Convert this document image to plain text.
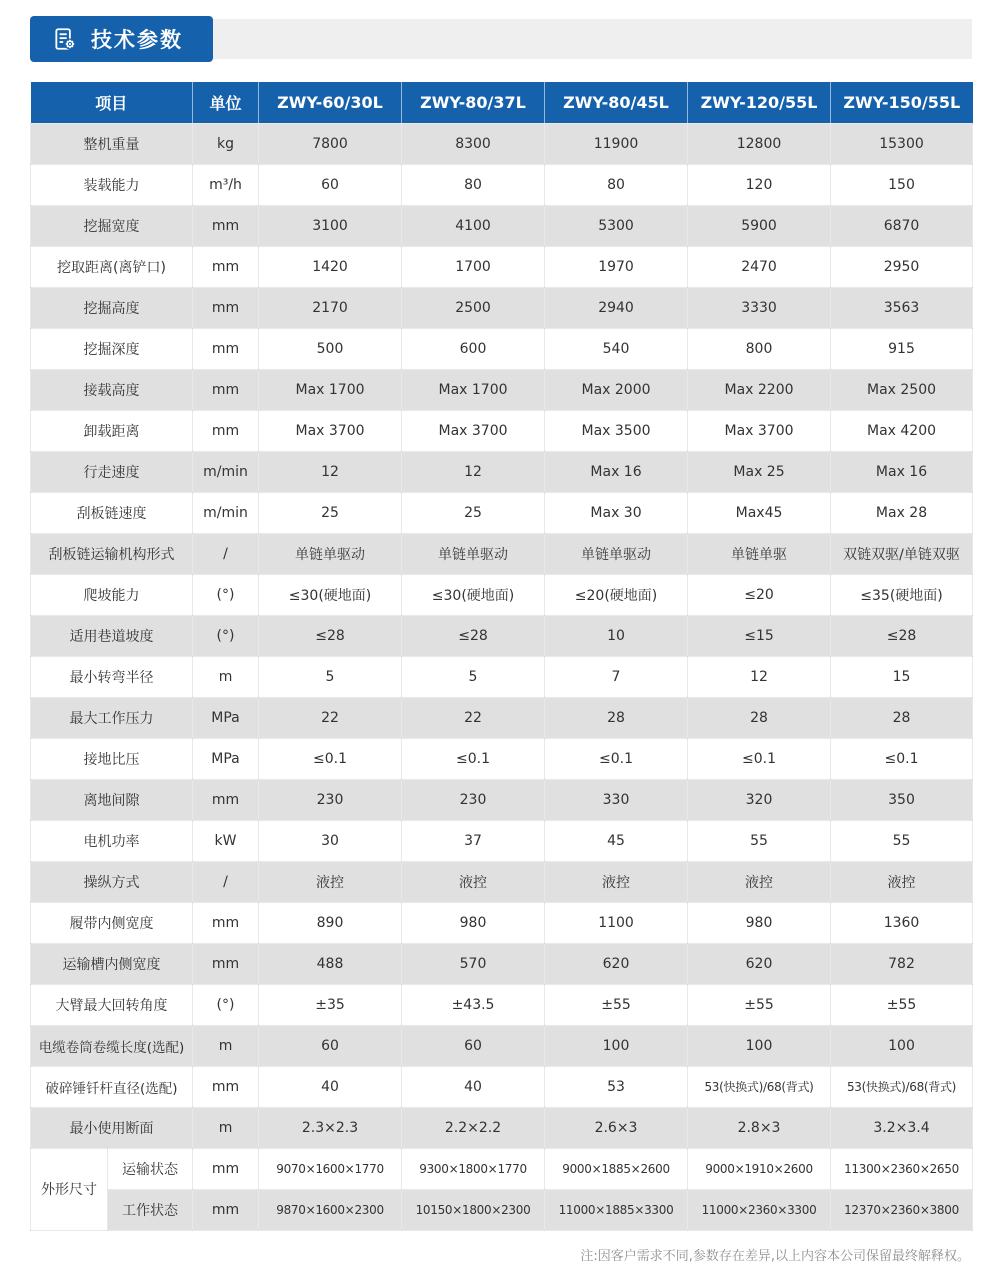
技术参数
项目		单位	ZWY-60/30L	ZWY-80/37L	ZWY-80/45L	ZWY-120/55L	ZWY-150/55L
整机重量		kg	7800	8300	11900	12800	15300
装载能力		m³/h	60	80	80	120	150
挖掘宽度		mm	3100	4100	5300	5900	6870
挖取距离(离铲口)		mm	1420	1700	1970	2470	2950
挖掘高度		mm	2170	2500	2940	3330	3563
挖掘深度		mm	500	600	540	800	915
接载高度		mm	Max 1700	Max 1700	Max 2000	Max 2200	Max 2500
卸载距离		mm	Max 3700	Max 3700	Max 3500	Max 3700	Max 4200
行走速度		m/min	12	12	Max 16	Max 25	Max 16
刮板链速度		m/min	25	25	Max 30	Max45	Max 28
刮板链运输机构形式		/	单链单驱动	单链单驱动	单链单驱动	单链单驱	双链双驱/单链双驱
爬坡能力		(°)	≤30(硬地面)	≤30(硬地面)	≤20(硬地面)	≤20	≤35(硬地面)
适用巷道坡度		(°)	≤28	≤28	10	≤15	≤28
最小转弯半径		m	5	5	7	12	15
最大工作压力		MPa	22	22	28	28	28
接地比压		MPa	≤0.1	≤0.1	≤0.1	≤0.1	≤0.1
离地间隙		mm	230	230	330	320	350
电机功率		kW	30	37	45	55	55
操纵方式		/	液控	液控	液控	液控	液控
履带内侧宽度		mm	890	980	1100	980	1360
运输槽内侧宽度		mm	488	570	620	620	782
大臂最大回转角度		(°)	±35	±43.5	±55	±55	±55
电缆卷筒卷缆长度(选配)		m	60	60	100	100	100
破碎锤钎杆直径(选配)		mm	40	40	53	53(快换式)/68(背式)	53(快换式)/68(背式)
最小使用断面		m	2.3×2.3	2.2×2.2	2.6×3	2.8×3	3.2×3.4
外形尺寸	运输状态	mm	9070×1600×1770	9300×1800×1770	9000×1885×2600	9000×1910×2600	11300×2360×2650
	工作状态	mm	9870×1600×2300	10150×1800×2300	11000×1885×3300	11000×2360×3300	12370×2360×3800
注:因客户需求不同,参数存在差异,以上内容本公司保留最终解释权。
